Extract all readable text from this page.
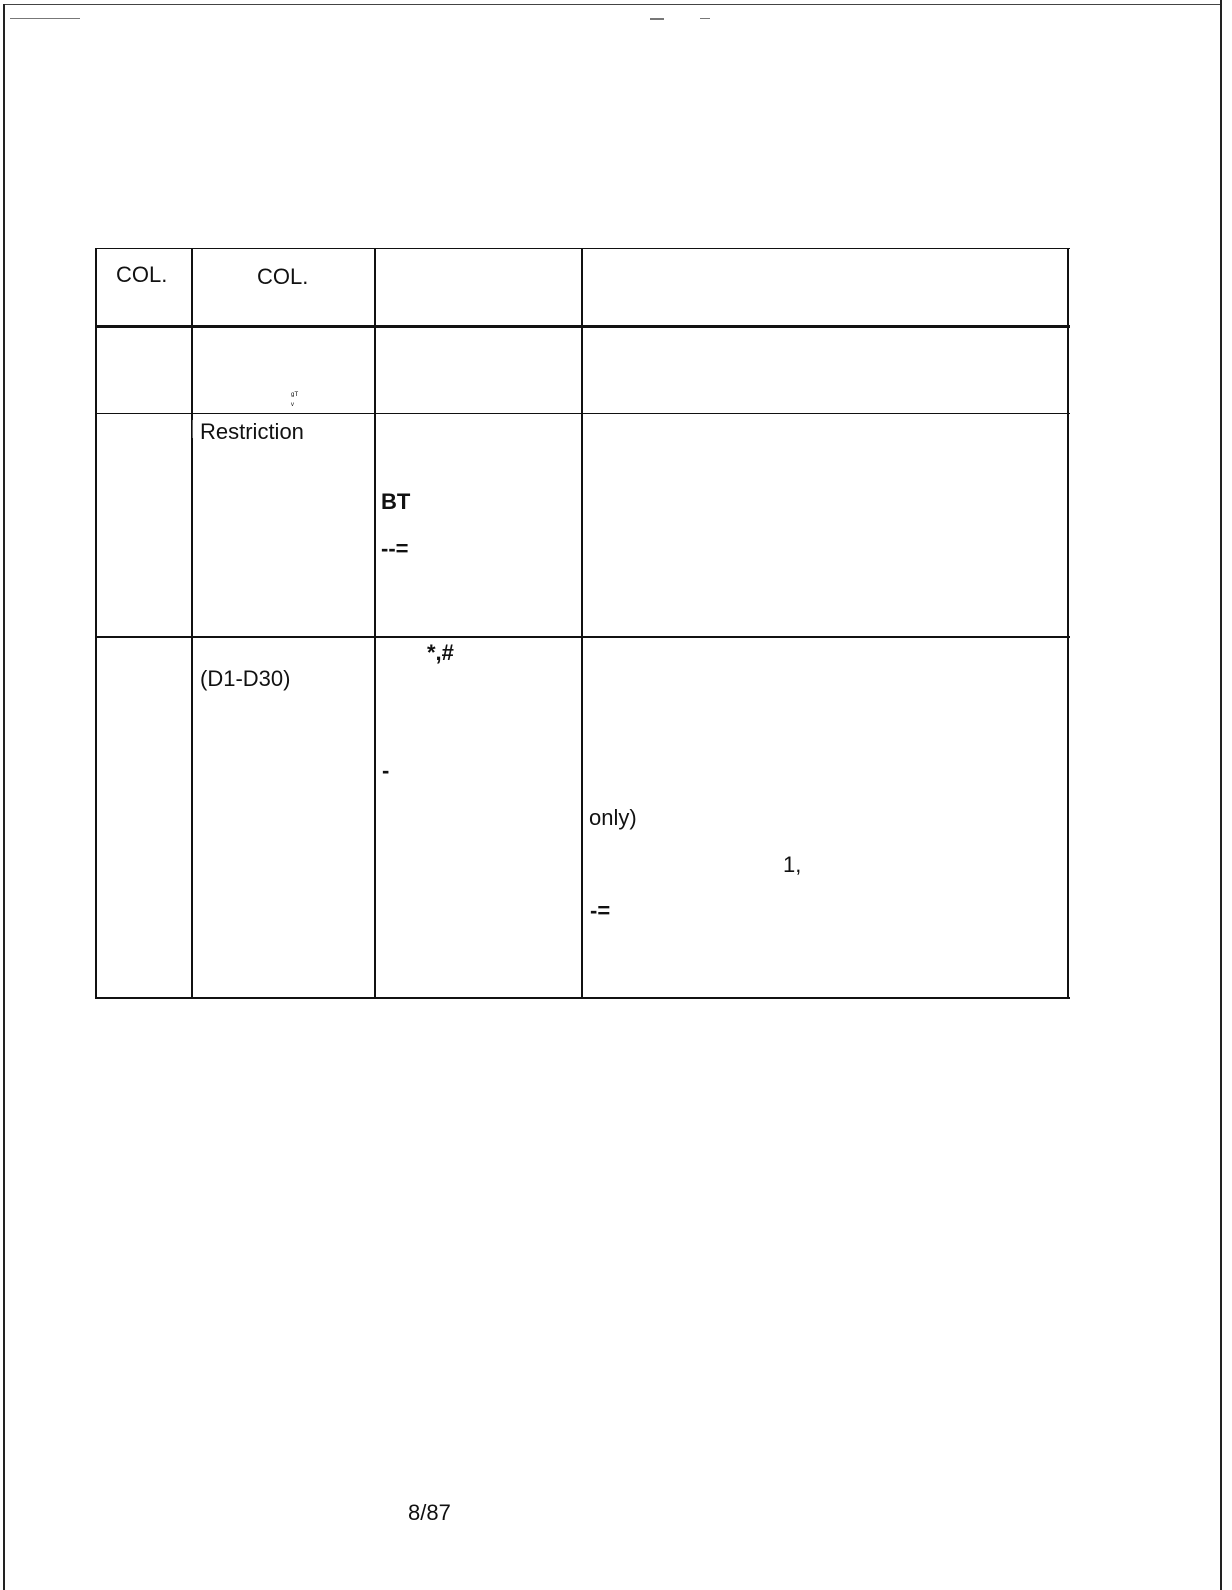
COL.	COL.
ᵍᵀ
ᵛ
Restriction
BT
--=
*,#
(D1-D30)
-
only)
1,
-=
8/87
